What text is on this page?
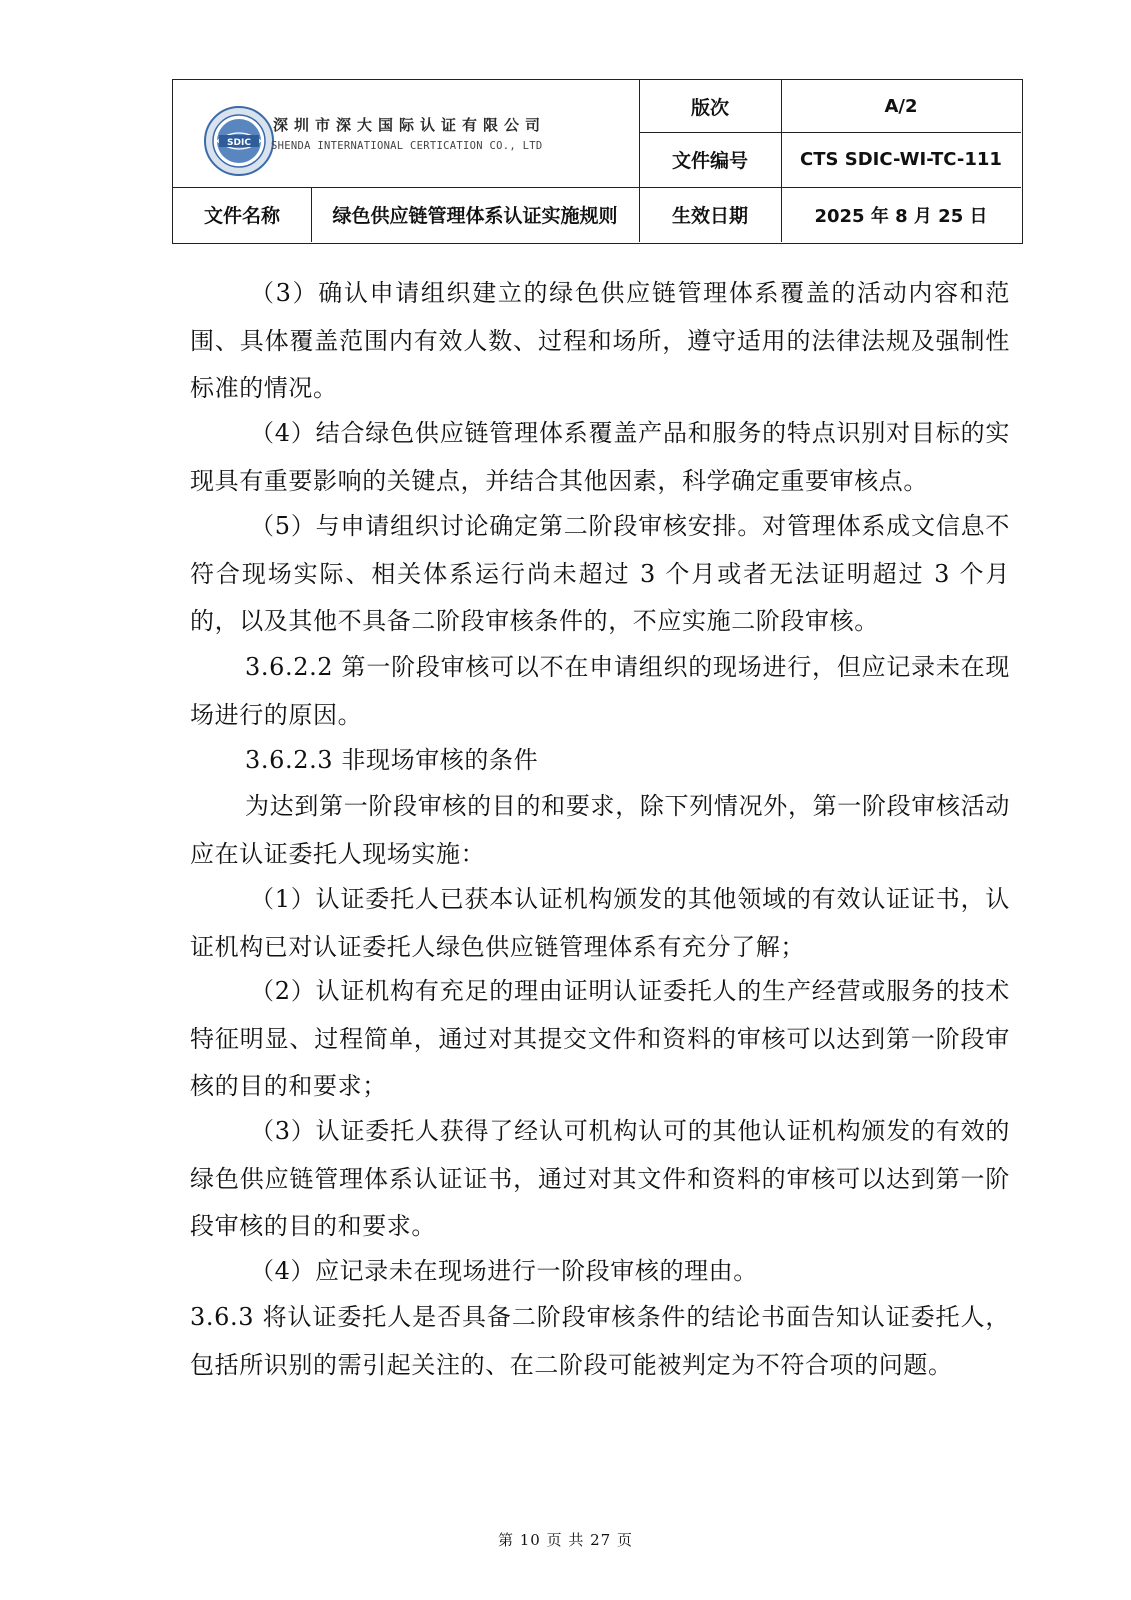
SDIC
深圳市深大国际认证有限公司
SHENDA INTERNATIONAL CERTICATION CO., LTD
版次	A/2
文件编号	CTS SDIC-WI-TC-111
文件名称	绿色供应链管理体系认证实施规则	生效日期	2025 年 8 月 25 日
（3）确认申请组织建立的绿色供应链管理体系覆盖的活动内容和范围、具体覆盖范围内有效人数、过程和场所，遵守适用的法律法规及强制性标准的情况。
（4）结合绿色供应链管理体系覆盖产品和服务的特点识别对目标的实现具有重要影响的关键点，并结合其他因素，科学确定重要审核点。
（5）与申请组织讨论确定第二阶段审核安排。对管理体系成文信息不符合现场实际、相关体系运行尚未超过 3 个月或者无法证明超过 3 个月的，以及其他不具备二阶段审核条件的，不应实施二阶段审核。
3.6.2.2 第一阶段审核可以不在申请组织的现场进行，但应记录未在现场进行的原因。
3.6.2.3 非现场审核的条件
为达到第一阶段审核的目的和要求，除下列情况外，第一阶段审核活动应在认证委托人现场实施：
（1）认证委托人已获本认证机构颁发的其他领域的有效认证证书，认证机构已对认证委托人绿色供应链管理体系有充分了解；
（2）认证机构有充足的理由证明认证委托人的生产经营或服务的技术特征明显、过程简单，通过对其提交文件和资料的审核可以达到第一阶段审核的目的和要求；
（3）认证委托人获得了经认可机构认可的其他认证机构颁发的有效的绿色供应链管理体系认证证书，通过对其文件和资料的审核可以达到第一阶段审核的目的和要求。
（4）应记录未在现场进行一阶段审核的理由。
3.6.3 将认证委托人是否具备二阶段审核条件的结论书面告知认证委托人，包括所识别的需引起关注的、在二阶段可能被判定为不符合项的问题。
第 10 页 共 27 页
